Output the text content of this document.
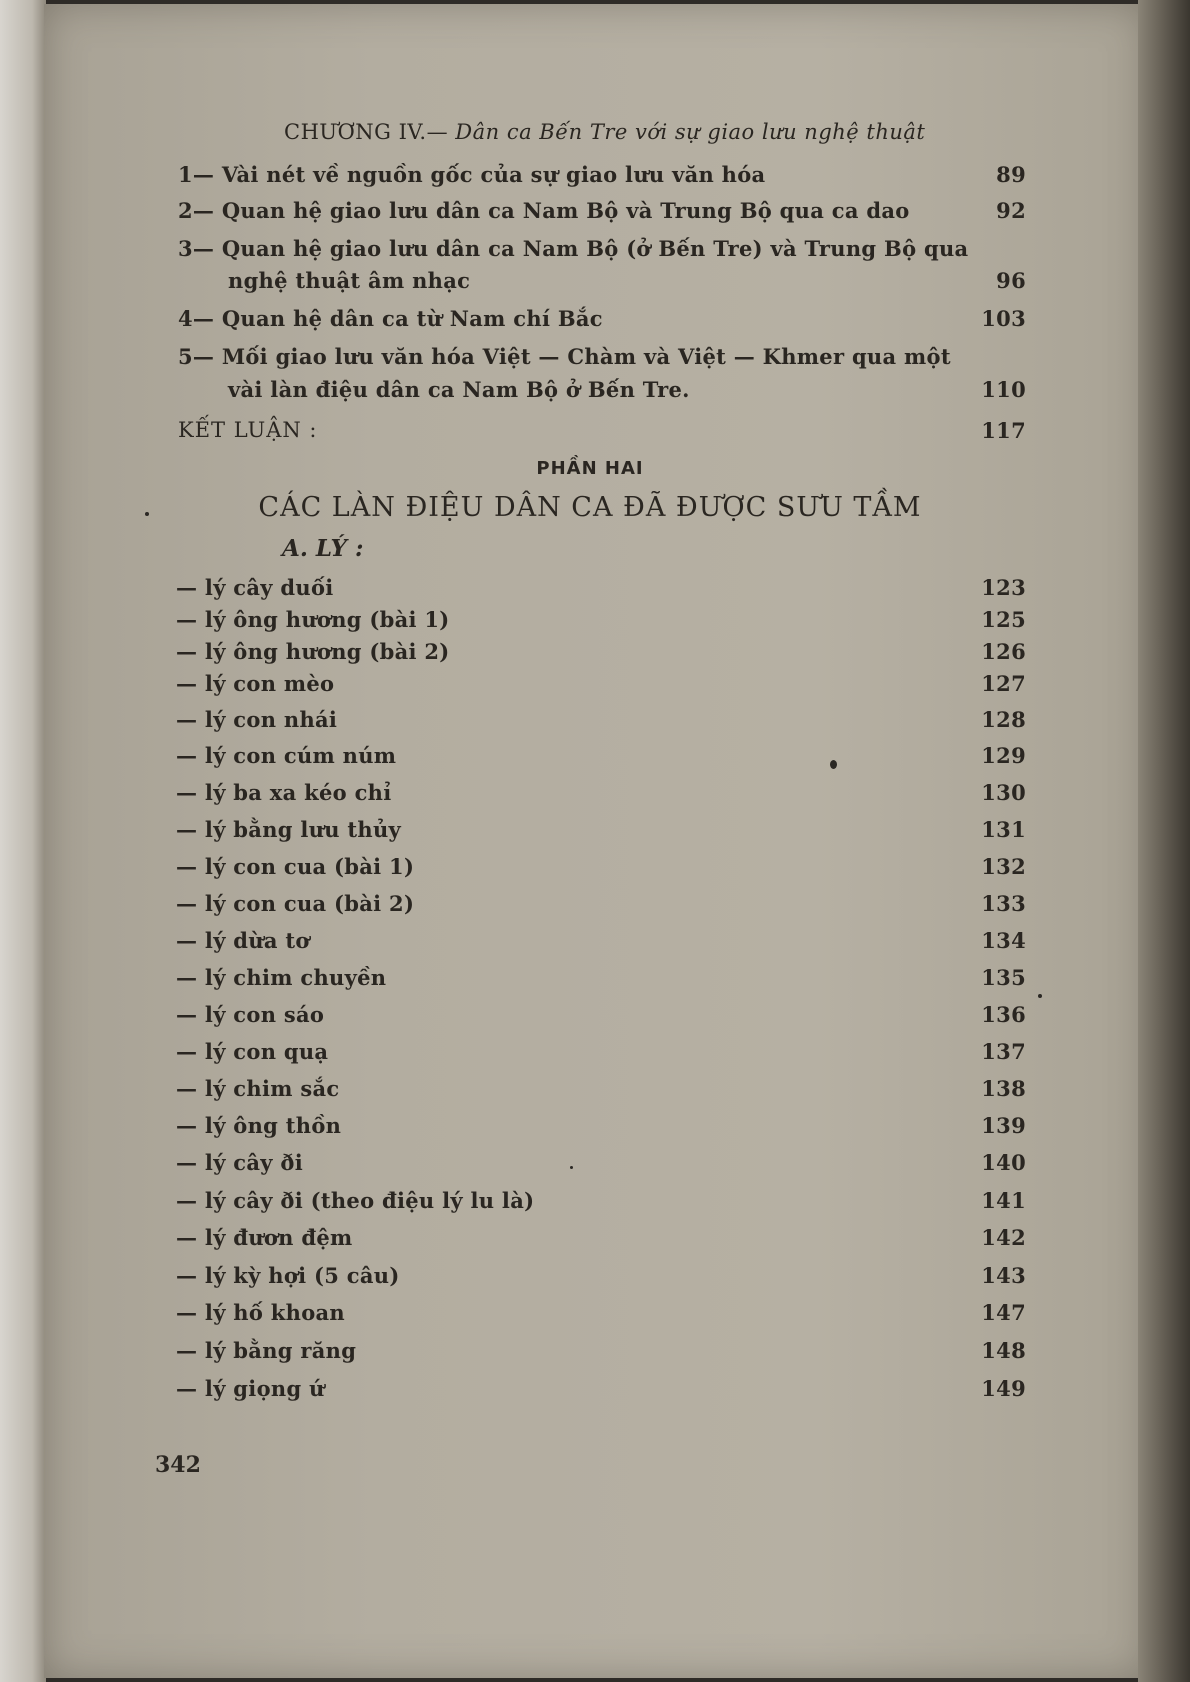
CHƯƠNG IV.— Dân ca Bến Tre với sự giao lưu nghệ thuật
1— Vài nét về nguồn gốc của sự giao lưu văn hóa	89
2— Quan hệ giao lưu dân ca Nam Bộ và Trung Bộ qua ca dao	92
3— Quan hệ giao lưu dân ca Nam Bộ (ở Bến Tre) và Trung Bộ qua
nghệ thuật âm nhạc	96
4— Quan hệ dân ca từ Nam chí Bắc	103
5— Mối giao lưu văn hóa Việt — Chàm và Việt — Khmer qua một
vài làn điệu dân ca Nam Bộ ở Bến Tre.	110
KẾT LUẬN :	117
PHẦN HAI
CÁC LÀN ĐIỆU DÂN CA ĐÃ ĐƯỢC SƯU TẦM
A. LÝ :
— lý cây duối	123
— lý ông hương (bài 1)	125
— lý ông hương (bài 2)	126
— lý con mèo	127
— lý con nhái	128
— lý con cúm núm	129
— lý ba xa kéo chỉ	130
— lý bằng lưu thủy	131
— lý con cua (bài 1)	132
— lý con cua (bài 2)	133
— lý dừa tơ	134
— lý chim chuyền	135
— lý con sáo	136
— lý con quạ	137
— lý chim sắc	138
— lý ông thồn	139
— lý cây ði	140
— lý cây ði (theo điệu lý lu là)	141
— lý đươn đệm	142
— lý kỳ hợi (5 câu)	143
— lý hố khoan	147
— lý bằng răng	148
— lý giọng ứ	149
342
